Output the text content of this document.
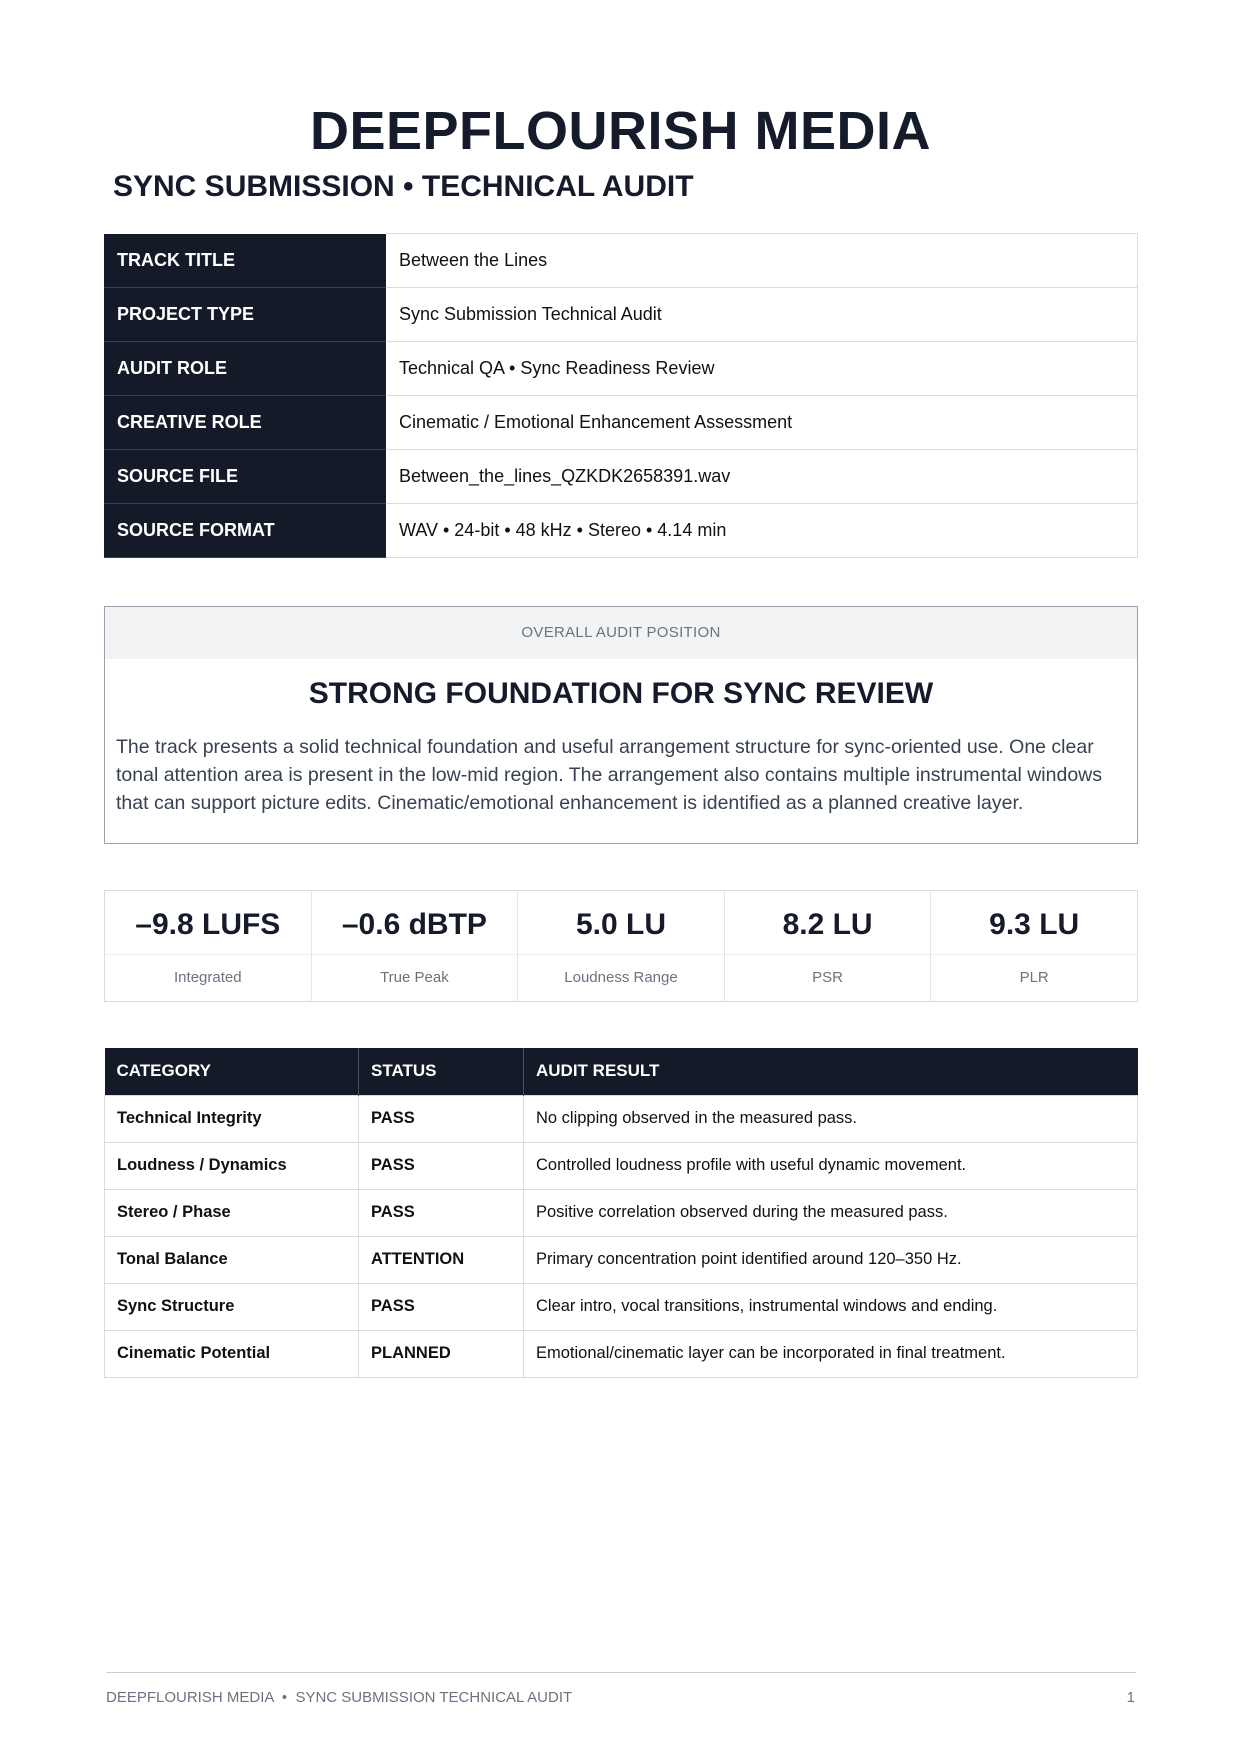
DEEPFLOURISH MEDIA
SYNC SUBMISSION • TECHNICAL AUDIT
TRACK TITLE	Between the Lines
PROJECT TYPE	Sync Submission Technical Audit
AUDIT ROLE	Technical QA • Sync Readiness Review
CREATIVE ROLE	Cinematic / Emotional Enhancement Assessment
SOURCE FILE	Between_the_lines_QZKDK2658391.wav
SOURCE FORMAT	WAV • 24-bit • 48 kHz • Stereo • 4.14 min
OVERALL AUDIT POSITION
STRONG FOUNDATION FOR SYNC REVIEW
The track presents a solid technical foundation and useful arrangement structure for sync-oriented use. One clear tonal attention area is present in the low-mid region. The arrangement also contains multiple instrumental windows that can support picture edits. Cinematic/emotional enhancement is identified as a planned creative layer.
–9.8 LUFS
Integrated
–0.6 dBTP
True Peak
5.0 LU
Loudness Range
8.2 LU
PSR
9.3 LU
PLR
CATEGORY	STATUS	AUDIT RESULT
Technical Integrity	PASS	No clipping observed in the measured pass.
Loudness / Dynamics	PASS	Controlled loudness profile with useful dynamic movement.
Stereo / Phase	PASS	Positive correlation observed during the measured pass.
Tonal Balance	ATTENTION	Primary concentration point identified around 120–350 Hz.
Sync Structure	PASS	Clear intro, vocal transitions, instrumental windows and ending.
Cinematic Potential	PLANNED	Emotional/cinematic layer can be incorporated in final treatment.
DEEPFLOURISH MEDIA  •  SYNC SUBMISSION TECHNICAL AUDIT	1
